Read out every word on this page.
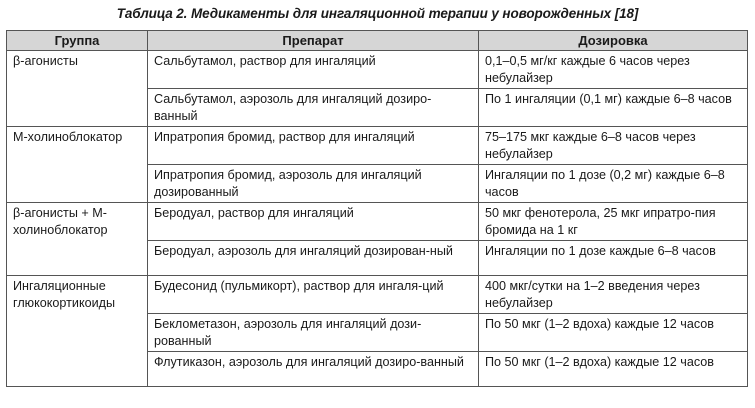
Таблица 2. Медикаменты для ингаляционной терапии у новорожденных [18]
Группа	Препарат	Дозировка
β-агонисты	Сальбутамол, раствор для ингаляций	0,1–0,5 мг/кг каждые 6 часов через небулайзер
	Сальбутамол, аэрозоль для ингаляций дозиро-ванный	По 1 ингаляции (0,1 мг) каждые 6–8 часов
М-холиноблокатор	Ипратропия бромид, раствор для ингаляций	75–175 мкг каждые 6–8 часов через небулайзер
	Ипратропия бромид, аэрозоль для ингаляций дозированный	Ингаляции по 1 дозе (0,2 мг) каждые 6–8 часов
β-агонисты + М-холиноблокатор	Беродуал, раствор для ингаляций	50 мкг фенотерола, 25 мкг ипратро-пия бромида на 1 кг
	Беродуал, аэрозоль для ингаляций дозирован-ный	Ингаляции по 1 дозе каждые 6–8 часов
Ингаляционные глюкокортикоиды	Будесонид (пульмикорт), раствор для ингаля-ций	400 мкг/сутки на 1–2 введения через небулайзер
	Беклометазон, аэрозоль для ингаляций дози-рованный	По 50 мкг (1–2 вдоха) каждые 12 часов
	Флутиказон, аэрозоль для ингаляций дозиро-ванный	По 50 мкг (1–2 вдоха) каждые 12 часов
